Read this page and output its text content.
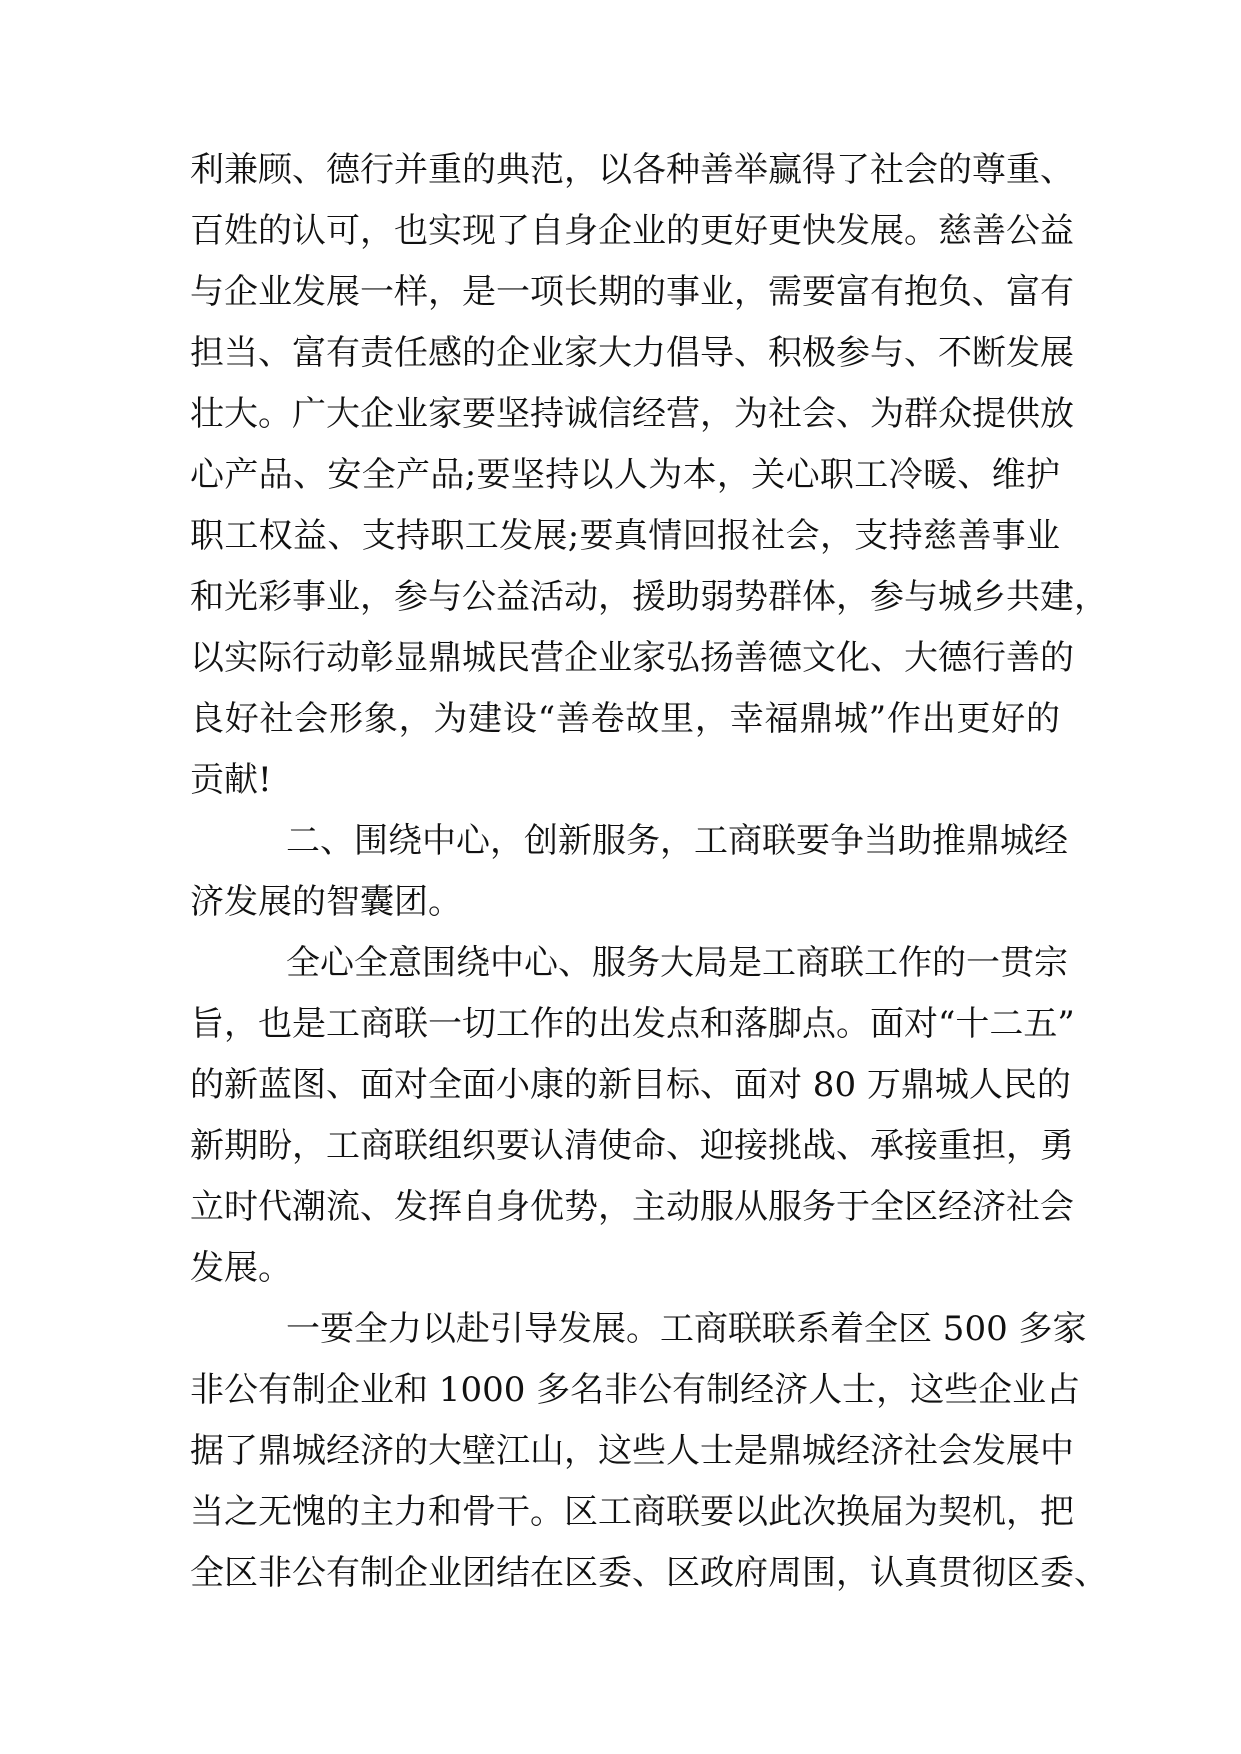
利兼顾、德行并重的典范，以各种善举赢得了社会的尊重、
百姓的认可，也实现了自身企业的更好更快发展。慈善公益
与企业发展一样，是一项长期的事业，需要富有抱负、富有
担当、富有责任感的企业家大力倡导、积极参与、不断发展
壮大。广大企业家要坚持诚信经营，为社会、为群众提供放
心产品、安全产品;要坚持以人为本，关心职工冷暖、维护
职工权益、支持职工发展;要真情回报社会，支持慈善事业
和光彩事业，参与公益活动，援助弱势群体，参与城乡共建，
以实际行动彰显鼎城民营企业家弘扬善德文化、大德行善的
良好社会形象，为建设“善卷故里，幸福鼎城”作出更好的
贡献!
二、围绕中心，创新服务，工商联要争当助推鼎城经
济发展的智囊团。
全心全意围绕中心、服务大局是工商联工作的一贯宗
旨，也是工商联一切工作的出发点和落脚点。面对“十二五”
的新蓝图、面对全面小康的新目标、面对 80 万鼎城人民的
新期盼，工商联组织要认清使命、迎接挑战、承接重担，勇
立时代潮流、发挥自身优势，主动服从服务于全区经济社会
发展。
一要全力以赴引导发展。工商联联系着全区 500 多家
非公有制企业和 1000 多名非公有制经济人士，这些企业占
据了鼎城经济的大壁江山，这些人士是鼎城经济社会发展中
当之无愧的主力和骨干。区工商联要以此次换届为契机，把
全区非公有制企业团结在区委、区政府周围，认真贯彻区委、
